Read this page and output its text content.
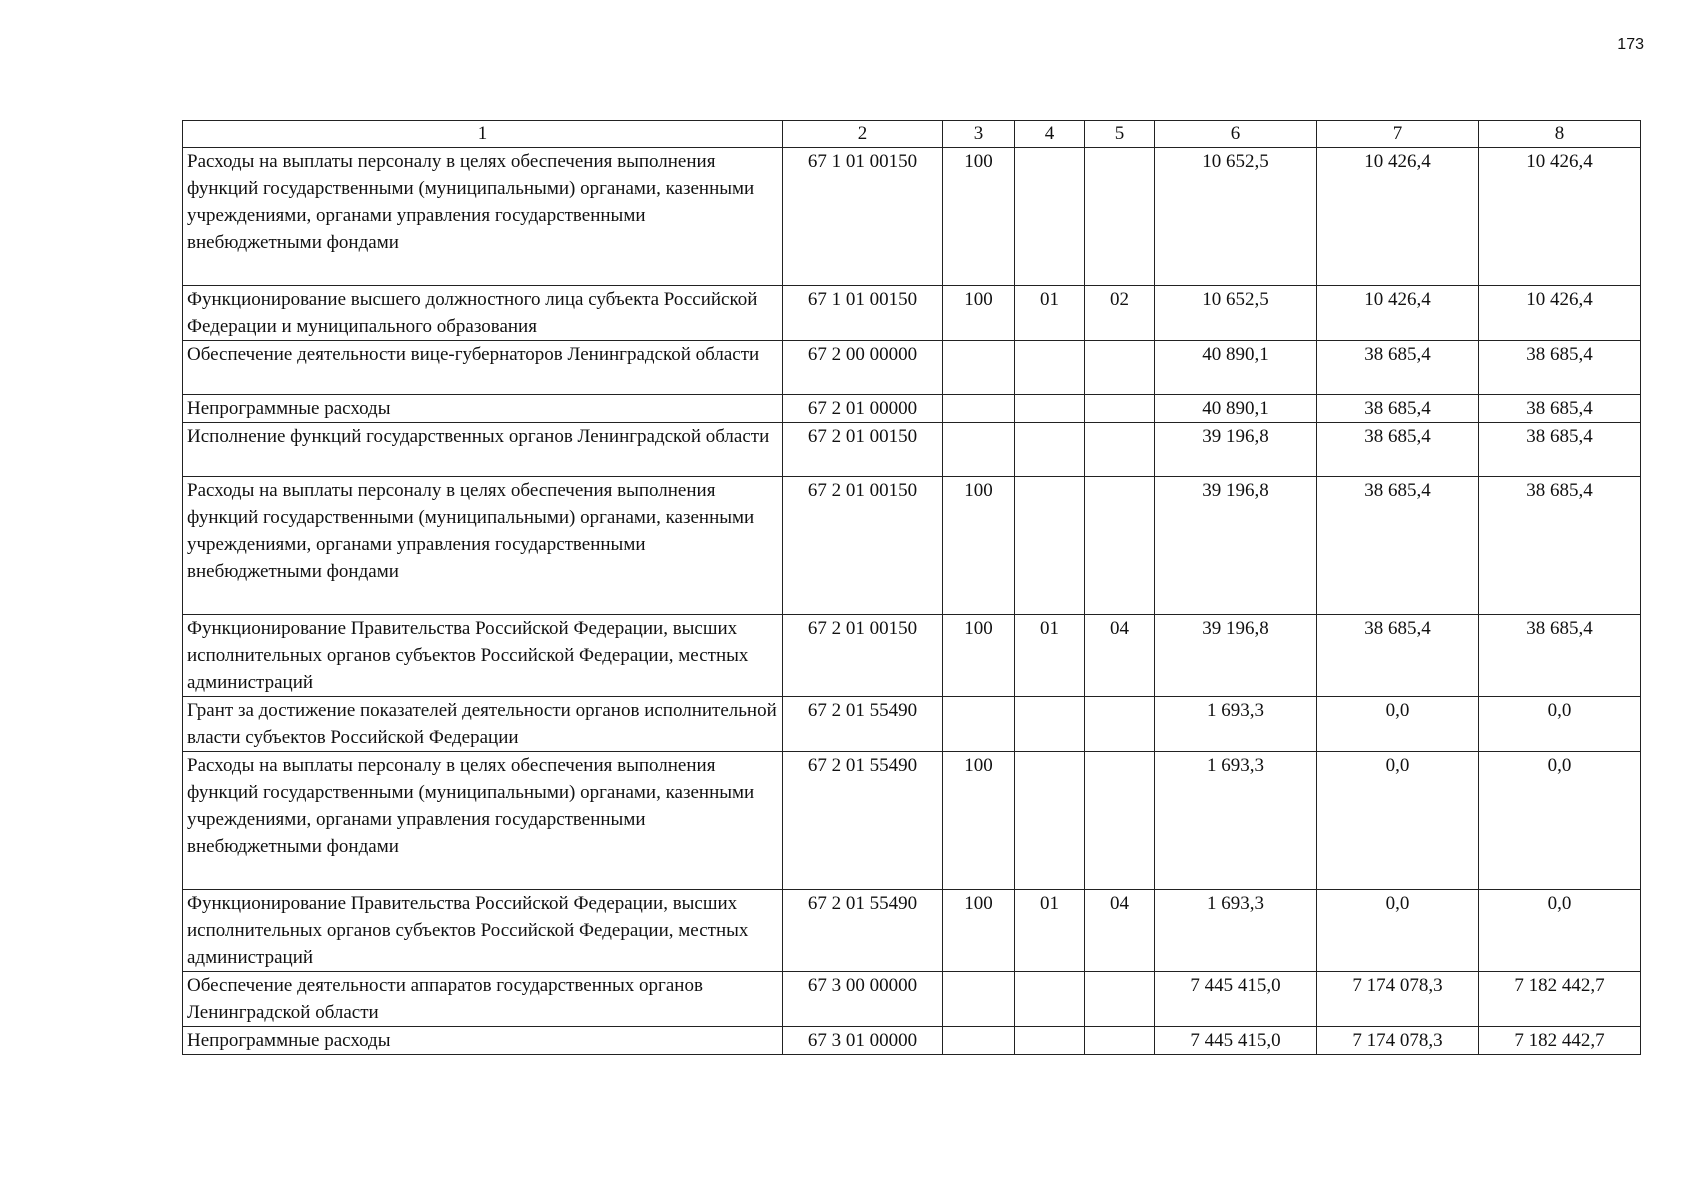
173
1	2	3	4	5	6	7	8
Расходы на выплаты персоналу в целях обеспечения выполнения функций государственными (муниципальными) органами, казенными учреждениями, органами управления государственными внебюджетными фондами	67 1 01 00150	100			10 652,5	10 426,4	10 426,4
Функционирование высшего должностного лица субъекта Российской Федерации и муниципального образования	67 1 01 00150	100	01	02	10 652,5	10 426,4	10 426,4
Обеспечение деятельности вице-губернаторов Ленинградской области	67 2 00 00000				40 890,1	38 685,4	38 685,4
Непрограммные расходы	67 2 01 00000				40 890,1	38 685,4	38 685,4
Исполнение функций государственных органов Ленинградской области	67 2 01 00150				39 196,8	38 685,4	38 685,4
Расходы на выплаты персоналу в целях обеспечения выполнения функций государственными (муниципальными) органами, казенными учреждениями, органами управления государственными внебюджетными фондами	67 2 01 00150	100			39 196,8	38 685,4	38 685,4
Функционирование Правительства Российской Федерации, высших исполнительных органов субъектов Российской Федерации, местных администраций	67 2 01 00150	100	01	04	39 196,8	38 685,4	38 685,4
Грант за достижение показателей деятельности органов исполнительной власти субъектов Российской Федерации	67 2 01 55490				1 693,3	0,0	0,0
Расходы на выплаты персоналу в целях обеспечения выполнения функций государственными (муниципальными) органами, казенными учреждениями, органами управления государственными внебюджетными фондами	67 2 01 55490	100			1 693,3	0,0	0,0
Функционирование Правительства Российской Федерации, высших исполнительных органов субъектов Российской Федерации, местных администраций	67 2 01 55490	100	01	04	1 693,3	0,0	0,0
Обеспечение деятельности аппаратов государственных органов Ленинградской области	67 3 00 00000				7 445 415,0	7 174 078,3	7 182 442,7
Непрограммные расходы	67 3 01 00000				7 445 415,0	7 174 078,3	7 182 442,7
